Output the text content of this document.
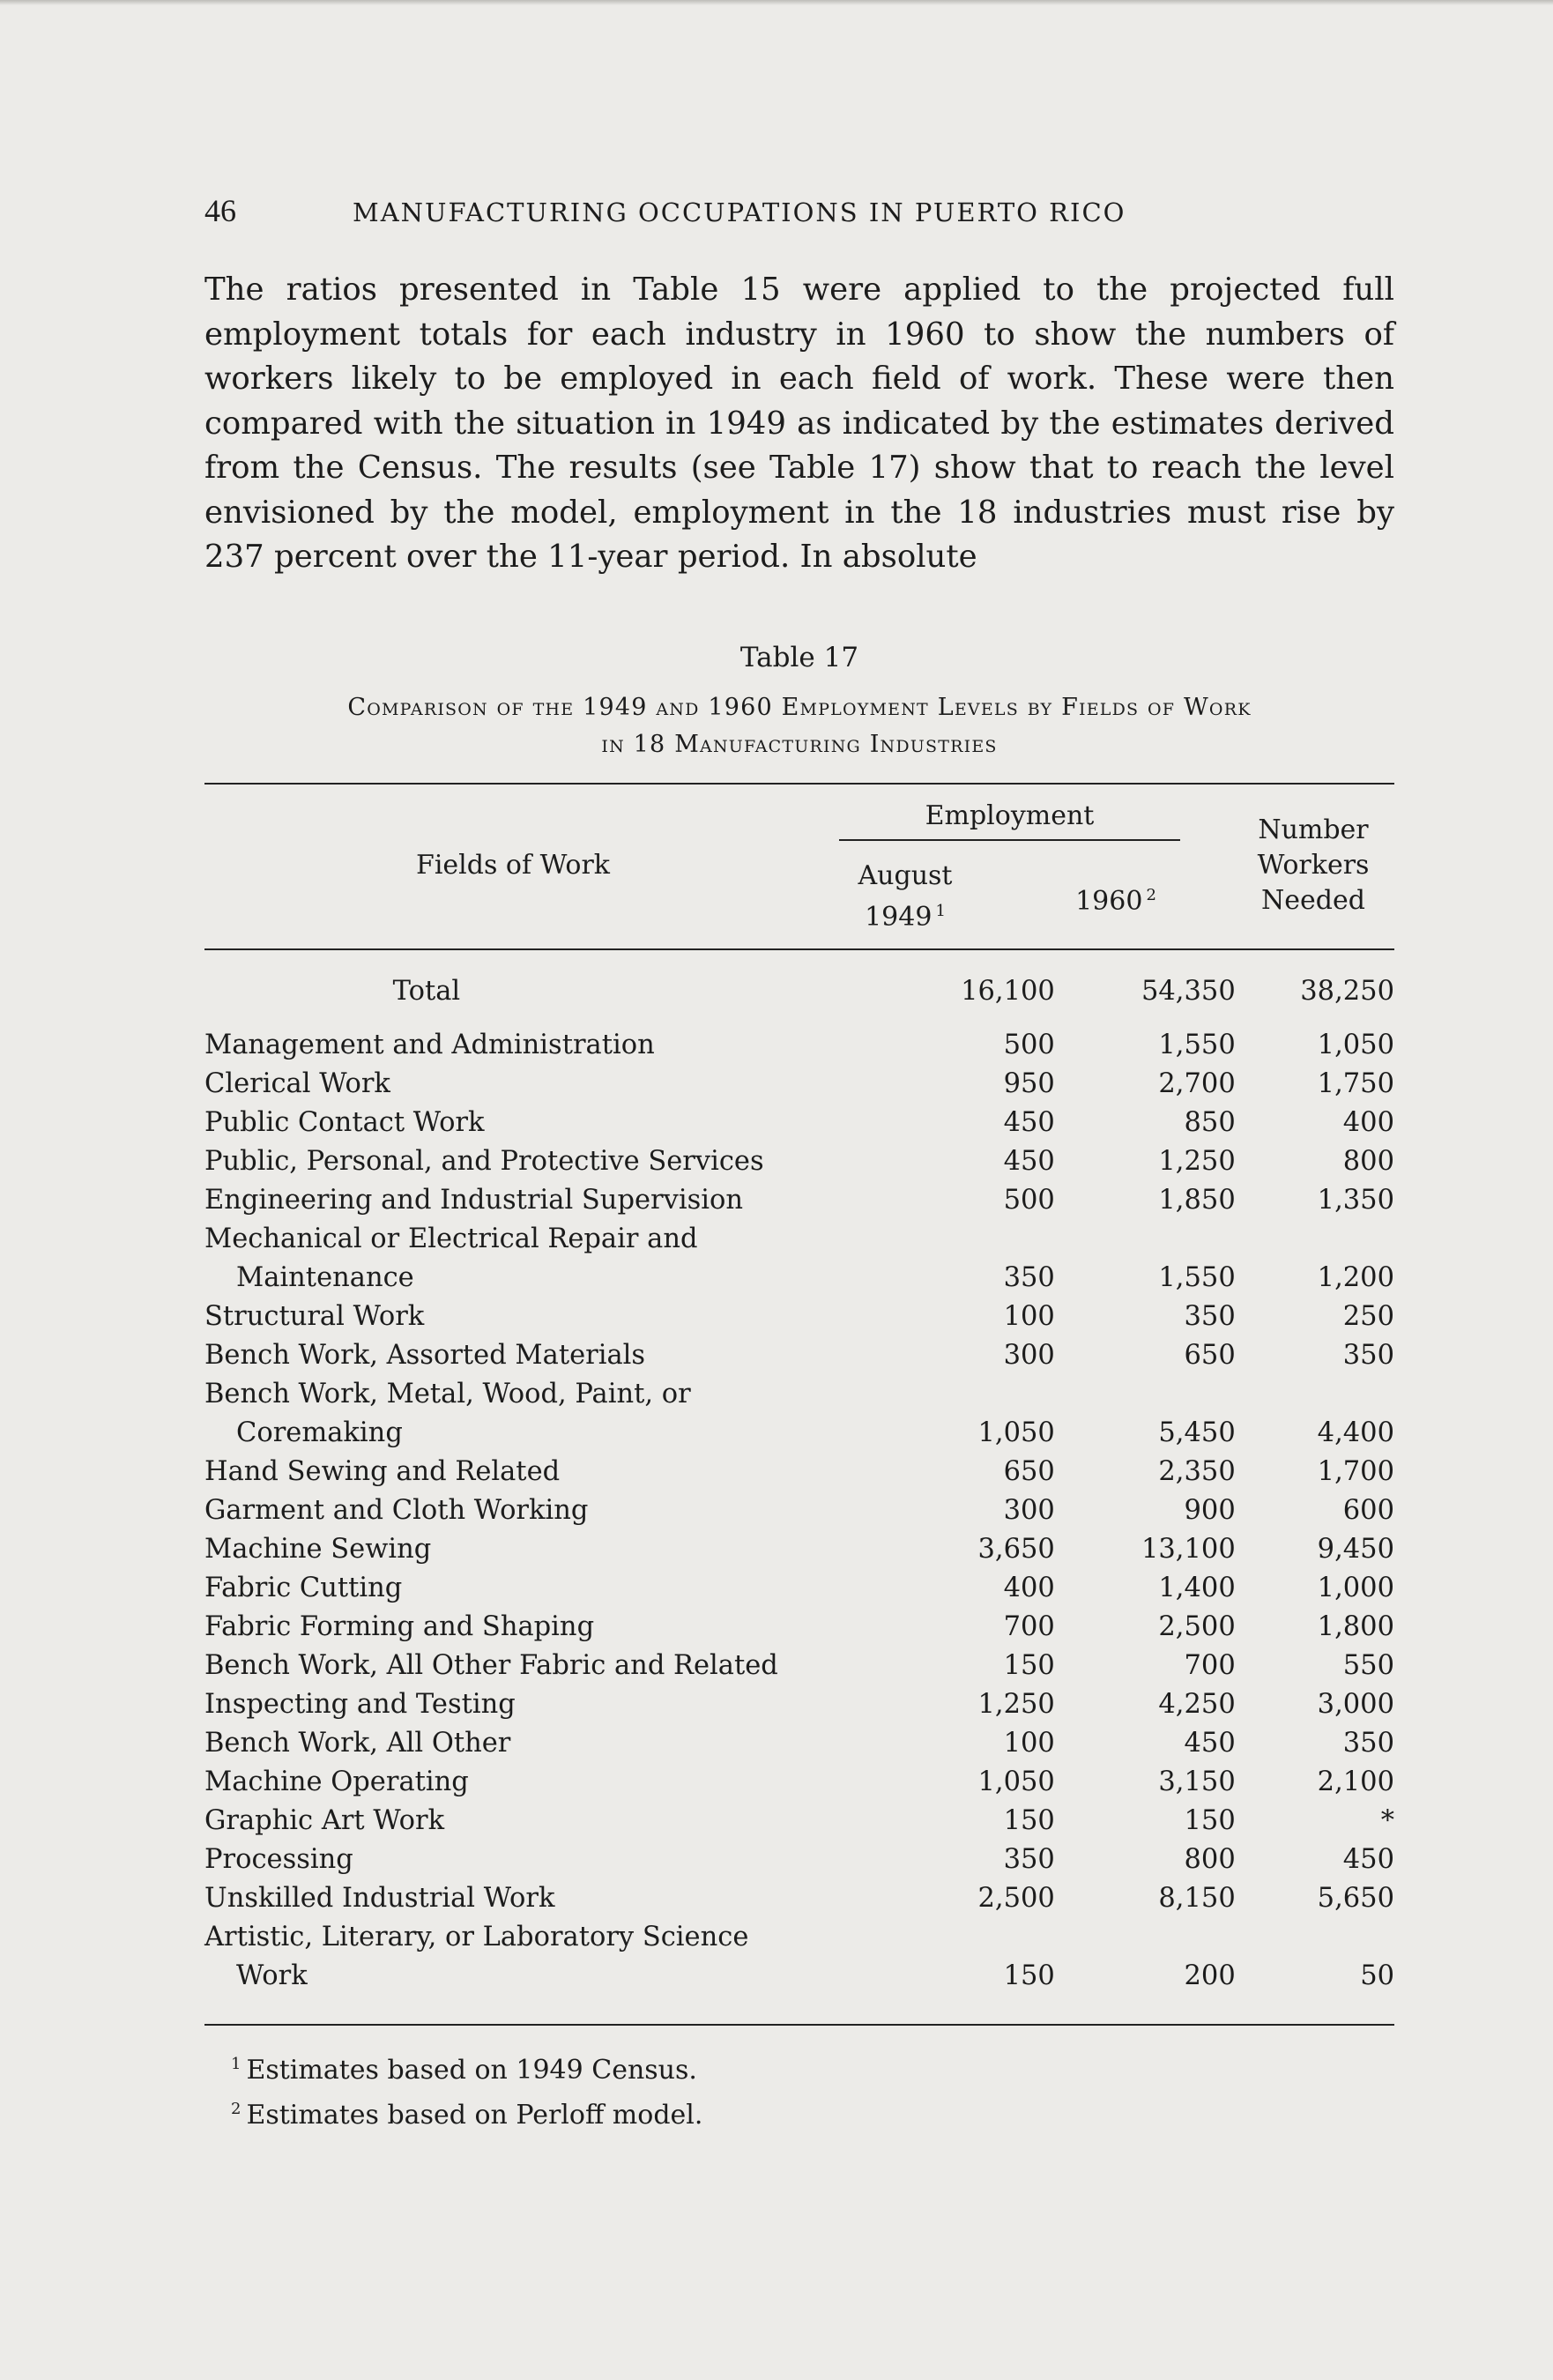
46	MANUFACTURING OCCUPATIONS IN PUERTO RICO

The ratios presented in Table 15 were applied to the projected full employment totals for each industry in 1960 to show the numbers of workers likely to be employed in each field of work. These were then compared with the situation in 1949 as indicated by the estimates derived from the Census. The results (see Table 17) show that to reach the level envisioned by the model, employment in the 18 industries must rise by 237 percent over the 11-year period. In absolute

Table 17
Comparison of the 1949 and 1960 Employment Levels by Fields of Work
in 18 Manufacturing Industries
Fields of Work
Employment
August
1949 $^1$	1960 $^2$
Number
Workers
Needed
Total	16,100	54,350	38,250
Management and Administration	500	1,550	1,050
Clerical Work	950	2,700	1,750
Public Contact Work	450	850	400
Public, Personal, and Protective Services	450	1,250	800
Engineering and Industrial Supervision	500	1,850	1,350
Mechanical or Electrical Repair and
Maintenance	350	1,550	1,200
Structural Work	100	350	250
Bench Work, Assorted Materials	300	650	350
Bench Work, Metal, Wood, Paint, or
Coremaking	1,050	5,450	4,400
Hand Sewing and Related	650	2,350	1,700
Garment and Cloth Working	300	900	600
Machine Sewing	3,650	13,100	9,450
Fabric Cutting	400	1,400	1,000
Fabric Forming and Shaping	700	2,500	1,800
Bench Work, All Other Fabric and Related	150	700	550
Inspecting and Testing	1,250	4,250	3,000
Bench Work, All Other	100	450	350
Machine Operating	1,050	3,150	2,100
Graphic Art Work	150	150	*
Processing	350	800	450
Unskilled Industrial Work	2,500	8,150	5,650
Artistic, Literary, or Laboratory Science
Work	150	200	50
$^1$ Estimates based on 1949 Census.
$^2$ Estimates based on Perloff model.
